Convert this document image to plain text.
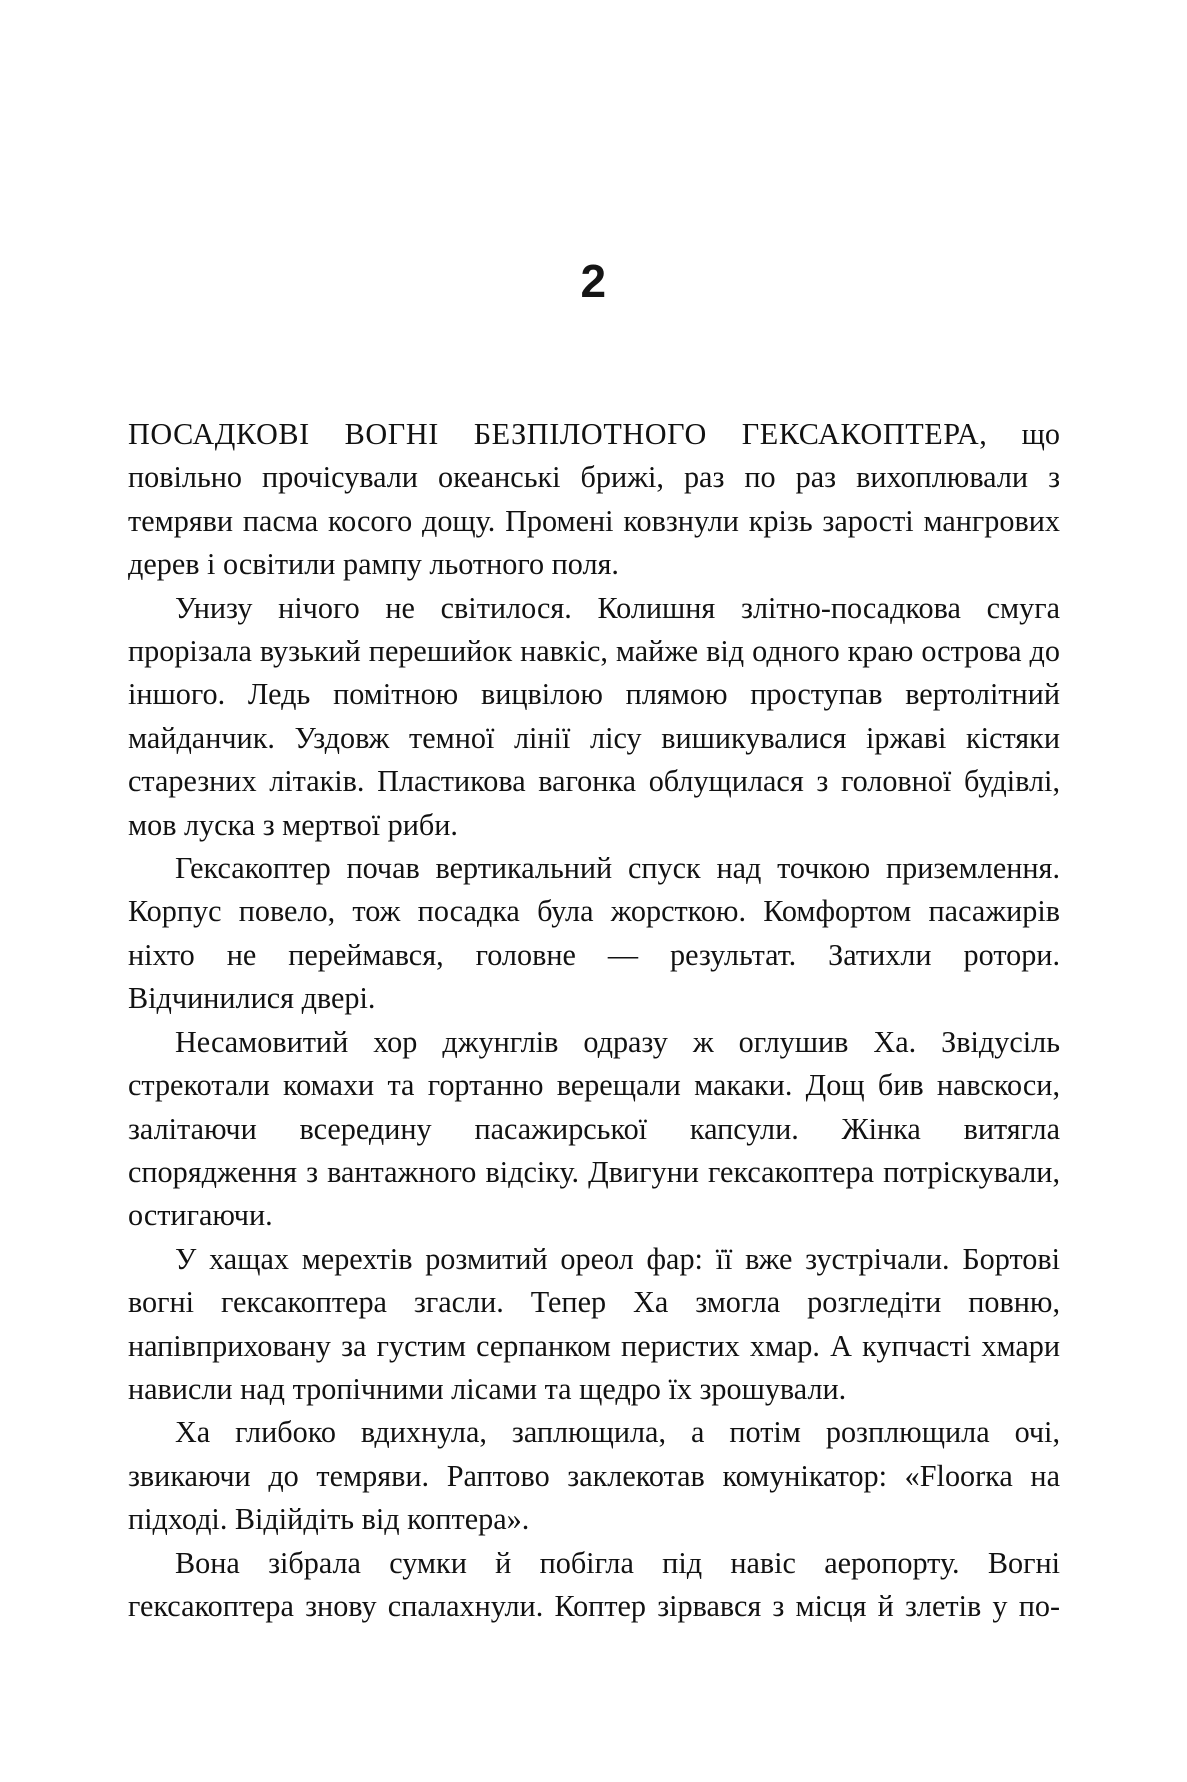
2

ПОСАДКОВІ ВОГНІ БЕЗПІЛОТНОГО ГЕКСАКОПТЕРА, що повільно прочісували океанські брижі, раз по раз вихоплювали з темряви пасма косого дощу. Промені ковзнули крізь зарості мангрових дерев і освітили рампу льотного поля.

Унизу нічого не світилося. Колишня злітно-посадкова смуга прорізала вузький перешийок навкіс, майже від одного краю острова до іншого. Ледь помітною вицвілою плямою проступав вертолітний майданчик. Уздовж темної лінії лісу вишикувалися іржаві кістяки старезних літаків. Пластикова вагонка облущилася з головної будівлі, мов луска з мертвої риби.

Гексакоптер почав вертикальний спуск над точкою приземлення. Корпус повело, тож посадка була жорсткою. Комфортом пасажирів ніхто не переймався, головне — результат. Затихли ротори. Відчинилися двері.

Несамовитий хор джунглів одразу ж оглушив Ха. Звідусіль стрекотали комахи та гортанно верещали макаки. Дощ бив навскоси, залітаючи всередину пасажирської капсули. Жінка витягла спорядження з вантажного відсіку. Двигуни гексакоптера потріскували, остигаючи.

У хащах мерехтів розмитий ореол фар: її вже зустрічали. Бортові вогні гексакоптера згасли. Тепер Ха змогла розгледіти повню, напівприховану за густим серпанком перистих хмар. А купчасті хмари нависли над тропічними лісами та щедро їх зрошували.

Ха глибоко вдихнула, заплющила, а потім розплющила очі, звикаючи до темряви. Раптово заклекотав комунікатор: «Floorка на підході. Відійдіть від коптера».

Вона зібрала сумки й побігла під навіс аеропорту. Вогні гексакоптера знову спалахнули. Коптер зірвався з місця й злетів у по-
